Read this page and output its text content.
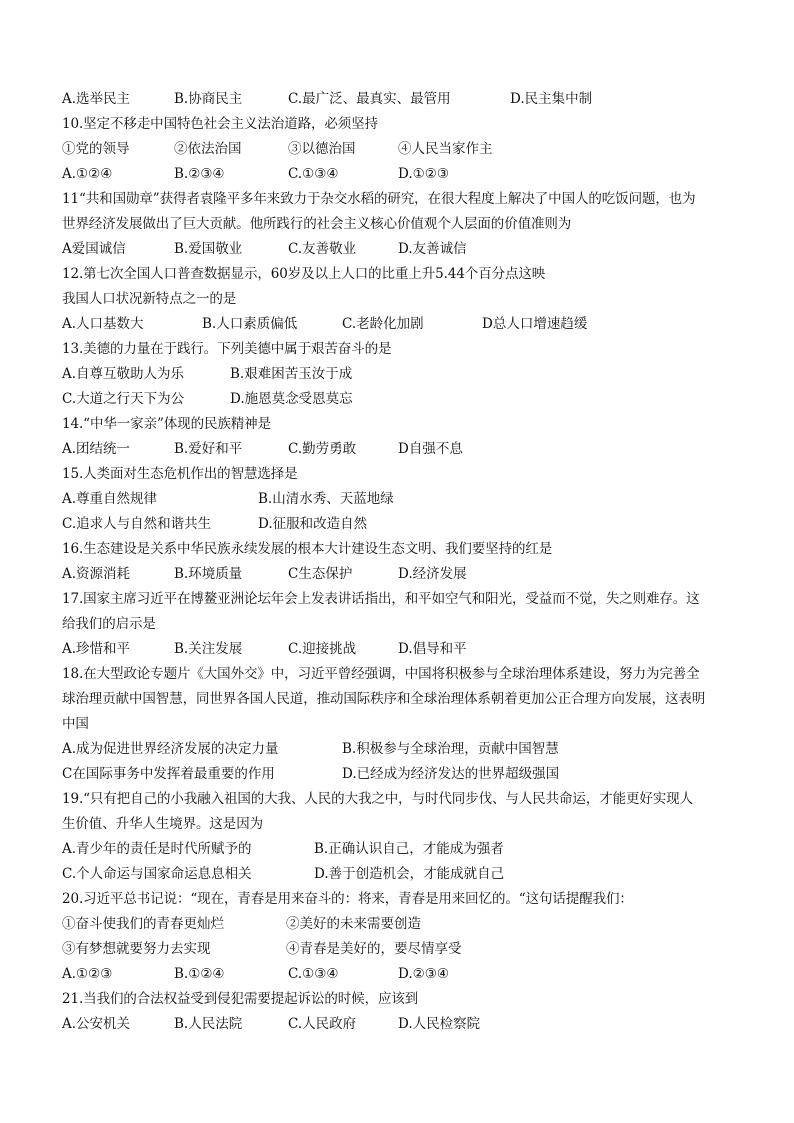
A.选举民主	B.协商民主	C.最广泛、最真实、最管用	D.民主集中制
10.坚定不移走中国特色社会主义法治道路，必须坚持
①党的领导	②依法治国	③以德治国	④人民当家作主
A.①②④	B.②③④	C.①③④	D.①②③
11“共和国勋章”获得者袁隆平多年来致力于杂交水稻的研究，在很大程度上解决了中国人的吃饭问题，也为
世界经济发展做出了巨大贡献。他所践行的社会主义核心价值观个人层面的价值准则为
A爱国诚信	B.爱国敬业	C.友善敬业	D.友善诚信
12.第七次全国人口普查数据显示，60岁及以上人口的比重上升5.44个百分点这映
我国人口状况新特点之一的是
A.人口基数大	B.人口素质偏低	C.老龄化加剧	D总人口增速趋缓
13.美德的力量在于践行。下列美德中属于艰苦奋斗的是
A.自尊互敬助人为乐	B.艰难困苦玉汝于成
C.大道之行天下为公	D.施恩莫念受恩莫忘
14.“中华一家亲”体现的民族精神是
A.团结统一	B.爱好和平	C.勤劳勇敢	D自强不息
15.人类面对生态危机作出的智慧选择是
A.尊重自然规律	B.山清水秀、天蓝地绿
C.追求人与自然和谐共生	D.征服和改造自然
16.生态建设是关系中华民族永续发展的根本大计建设生态文明、我们要坚持的红是
A.资源消耗	B.环境质量	C生态保护	D.经济发展
17.国家主席习近平在博鳌亚洲论坛年会上发表讲话指出，和平如空气和阳光，受益而不觉，失之则难存。这
给我们的启示是
A.珍惜和平	B.关注发展	C.迎接挑战	D.倡导和平
18.在大型政论专题片《大国外交》中，习近平曾经强调，中国将积极参与全球治理体系建设，努力为完善全
球治理贡献中国智慧，同世界各国人民道，推动国际秩序和全球治理体系朝着更加公正合理方向发展，这表明
中国
A.成为促进世界经济发展的决定力量	B.积极参与全球治理，贡献中国智慧
C在国际事务中发挥着最重要的作用	D.已经成为经济发达的世界超级强国
19.“只有把自己的小我融入祖国的大我、人民的大我之中，与时代同步伐、与人民共命运，才能更好实现人
生价值、升华人生境界。这是因为
A.青少年的责任是时代所赋予的	B.正确认识自己，才能成为强者
C.个人命运与国家命运息息相关	D.善于创造机会，才能成就自己
20.习近平总书记说：“现在，青春是用来奋斗的：将来，青春是用来回忆的。“这句话提醒我们：
①奋斗使我们的青春更灿烂	②美好的未来需要创造
③有梦想就要努力去实现	④青春是美好的，要尽情享受
A.①②③	B.①②④	C.①③④	D.②③④
21.当我们的合法权益受到侵犯需要提起诉讼的时候，应该到
A.公安机关	B.人民法院	C.人民政府	D.人民检察院
